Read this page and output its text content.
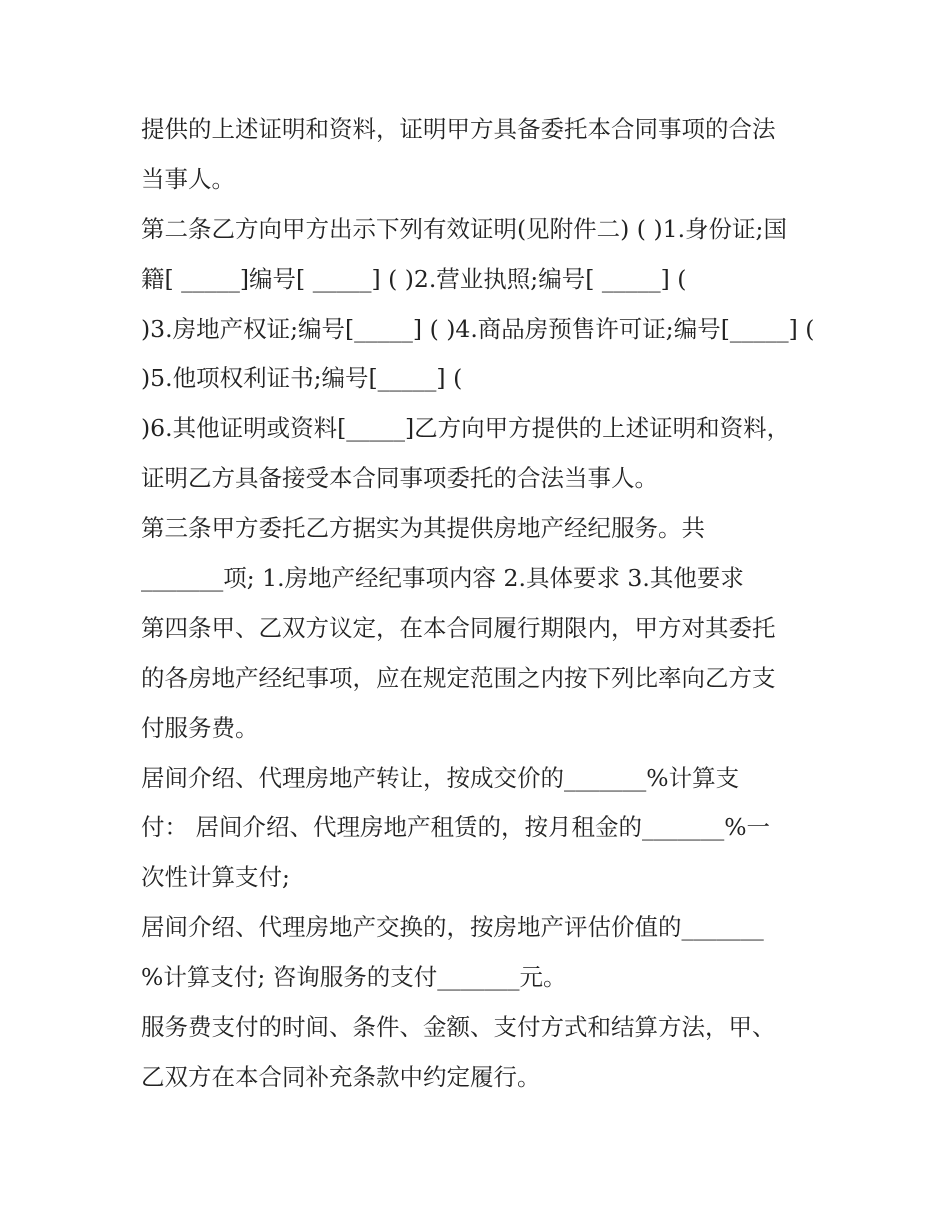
提供的上述证明和资料，证明甲方具备委托本合同事项的合法
当事人。
第二条乙方向甲方出示下列有效证明(见附件二) ( )1.身份证;国
籍[ _____]编号[ _____] ( )2.营业执照;编号[ _____] (
)3.房地产权证;编号[_____] ( )4.商品房预售许可证;编号[_____] (
)5.他项权利证书;编号[_____] (
)6.其他证明或资料[_____]乙方向甲方提供的上述证明和资料，
证明乙方具备接受本合同事项委托的合法当事人。
第三条甲方委托乙方据实为其提供房地产经纪服务。共
_______项; 1.房地产经纪事项内容 2.具体要求 3.其他要求
第四条甲、乙双方议定，在本合同履行期限内，甲方对其委托
的各房地产经纪事项，应在规定范围之内按下列比率向乙方支
付服务费。
居间介绍、代理房地产转让，按成交价的_______%计算支
付： 居间介绍、代理房地产租赁的，按月租金的_______%一
次性计算支付;
居间介绍、代理房地产交换的，按房地产评估价值的_______
%计算支付; 咨询服务的支付_______元。
服务费支付的时间、条件、金额、支付方式和结算方法，甲、
乙双方在本合同补充条款中约定履行。
